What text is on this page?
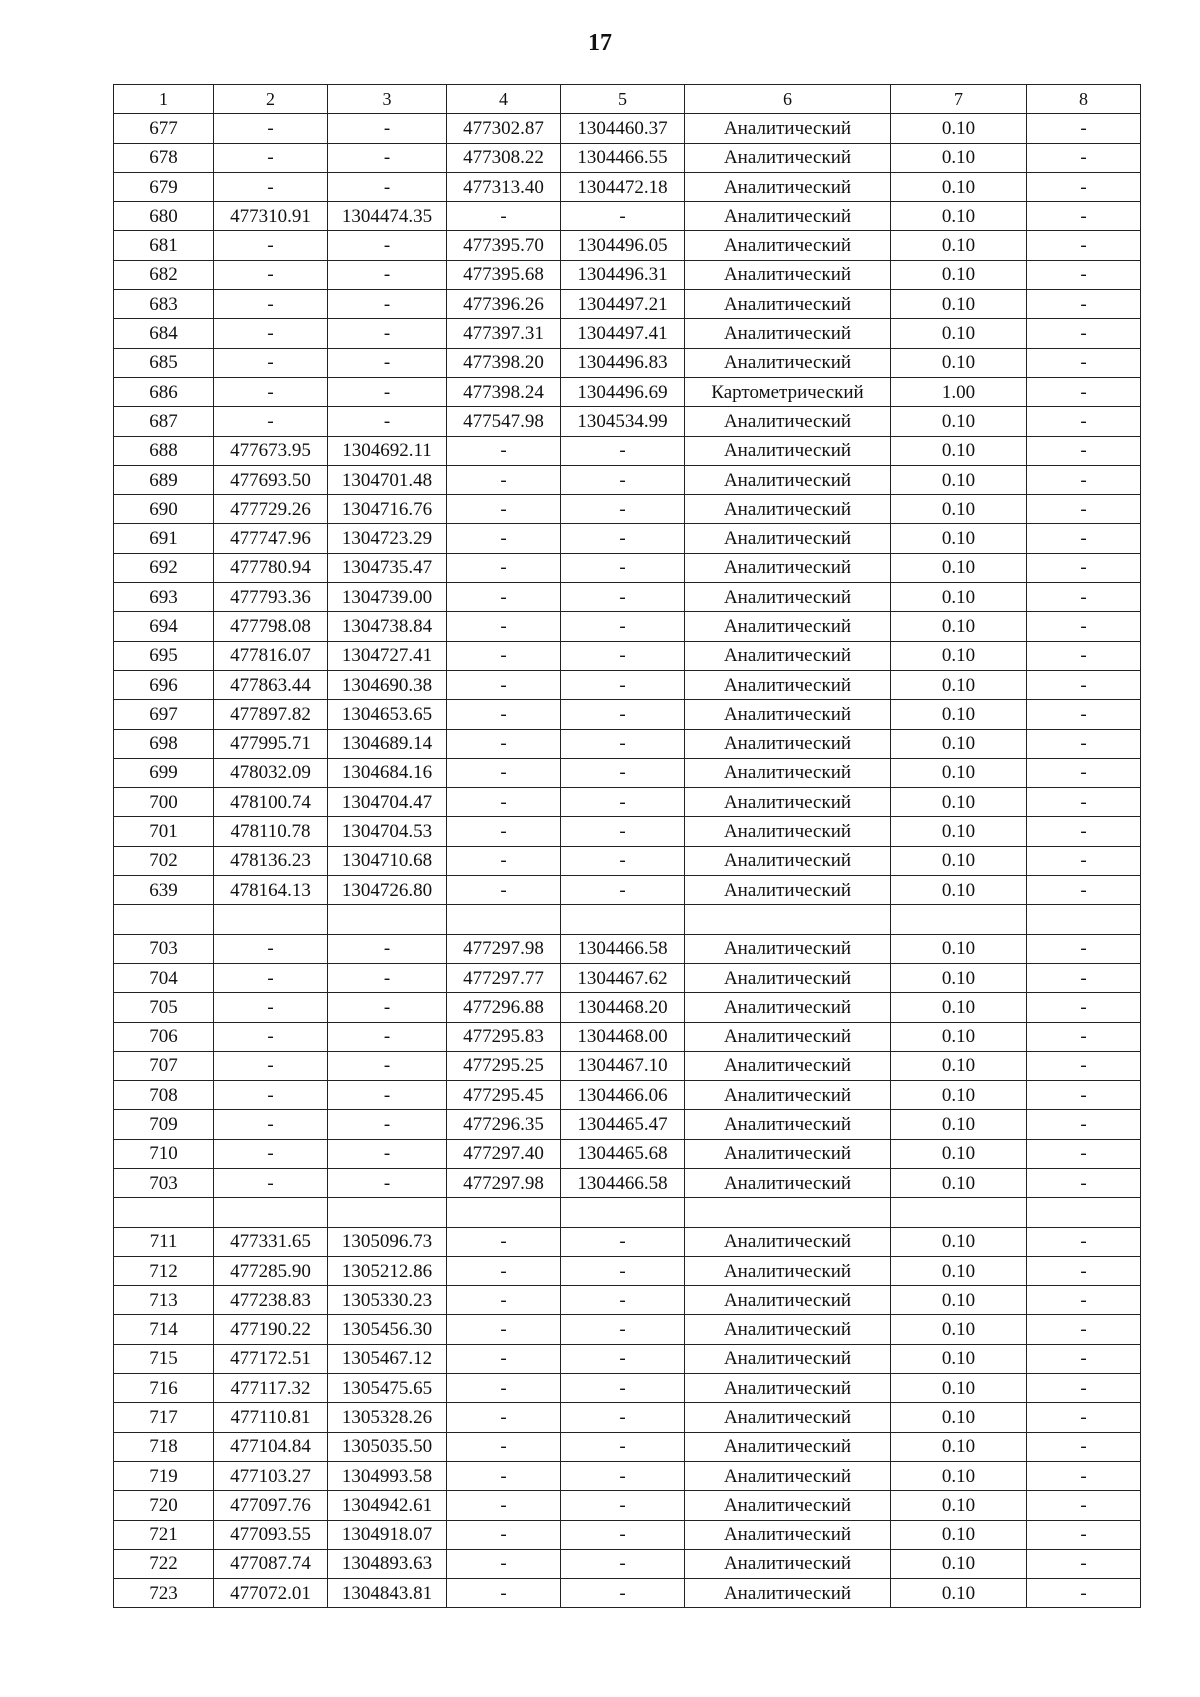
17
1	2	3	4	5	6	7	8
677	-	-	477302.87	1304460.37	Аналитический	0.10	-
678	-	-	477308.22	1304466.55	Аналитический	0.10	-
679	-	-	477313.40	1304472.18	Аналитический	0.10	-
680	477310.91	1304474.35	-	-	Аналитический	0.10	-
681	-	-	477395.70	1304496.05	Аналитический	0.10	-
682	-	-	477395.68	1304496.31	Аналитический	0.10	-
683	-	-	477396.26	1304497.21	Аналитический	0.10	-
684	-	-	477397.31	1304497.41	Аналитический	0.10	-
685	-	-	477398.20	1304496.83	Аналитический	0.10	-
686	-	-	477398.24	1304496.69	Картометрический	1.00	-
687	-	-	477547.98	1304534.99	Аналитический	0.10	-
688	477673.95	1304692.11	-	-	Аналитический	0.10	-
689	477693.50	1304701.48	-	-	Аналитический	0.10	-
690	477729.26	1304716.76	-	-	Аналитический	0.10	-
691	477747.96	1304723.29	-	-	Аналитический	0.10	-
692	477780.94	1304735.47	-	-	Аналитический	0.10	-
693	477793.36	1304739.00	-	-	Аналитический	0.10	-
694	477798.08	1304738.84	-	-	Аналитический	0.10	-
695	477816.07	1304727.41	-	-	Аналитический	0.10	-
696	477863.44	1304690.38	-	-	Аналитический	0.10	-
697	477897.82	1304653.65	-	-	Аналитический	0.10	-
698	477995.71	1304689.14	-	-	Аналитический	0.10	-
699	478032.09	1304684.16	-	-	Аналитический	0.10	-
700	478100.74	1304704.47	-	-	Аналитический	0.10	-
701	478110.78	1304704.53	-	-	Аналитический	0.10	-
702	478136.23	1304710.68	-	-	Аналитический	0.10	-
639	478164.13	1304726.80	-	-	Аналитический	0.10	-

703	-	-	477297.98	1304466.58	Аналитический	0.10	-
704	-	-	477297.77	1304467.62	Аналитический	0.10	-
705	-	-	477296.88	1304468.20	Аналитический	0.10	-
706	-	-	477295.83	1304468.00	Аналитический	0.10	-
707	-	-	477295.25	1304467.10	Аналитический	0.10	-
708	-	-	477295.45	1304466.06	Аналитический	0.10	-
709	-	-	477296.35	1304465.47	Аналитический	0.10	-
710	-	-	477297.40	1304465.68	Аналитический	0.10	-
703	-	-	477297.98	1304466.58	Аналитический	0.10	-

711	477331.65	1305096.73	-	-	Аналитический	0.10	-
712	477285.90	1305212.86	-	-	Аналитический	0.10	-
713	477238.83	1305330.23	-	-	Аналитический	0.10	-
714	477190.22	1305456.30	-	-	Аналитический	0.10	-
715	477172.51	1305467.12	-	-	Аналитический	0.10	-
716	477117.32	1305475.65	-	-	Аналитический	0.10	-
717	477110.81	1305328.26	-	-	Аналитический	0.10	-
718	477104.84	1305035.50	-	-	Аналитический	0.10	-
719	477103.27	1304993.58	-	-	Аналитический	0.10	-
720	477097.76	1304942.61	-	-	Аналитический	0.10	-
721	477093.55	1304918.07	-	-	Аналитический	0.10	-
722	477087.74	1304893.63	-	-	Аналитический	0.10	-
723	477072.01	1304843.81	-	-	Аналитический	0.10	-
